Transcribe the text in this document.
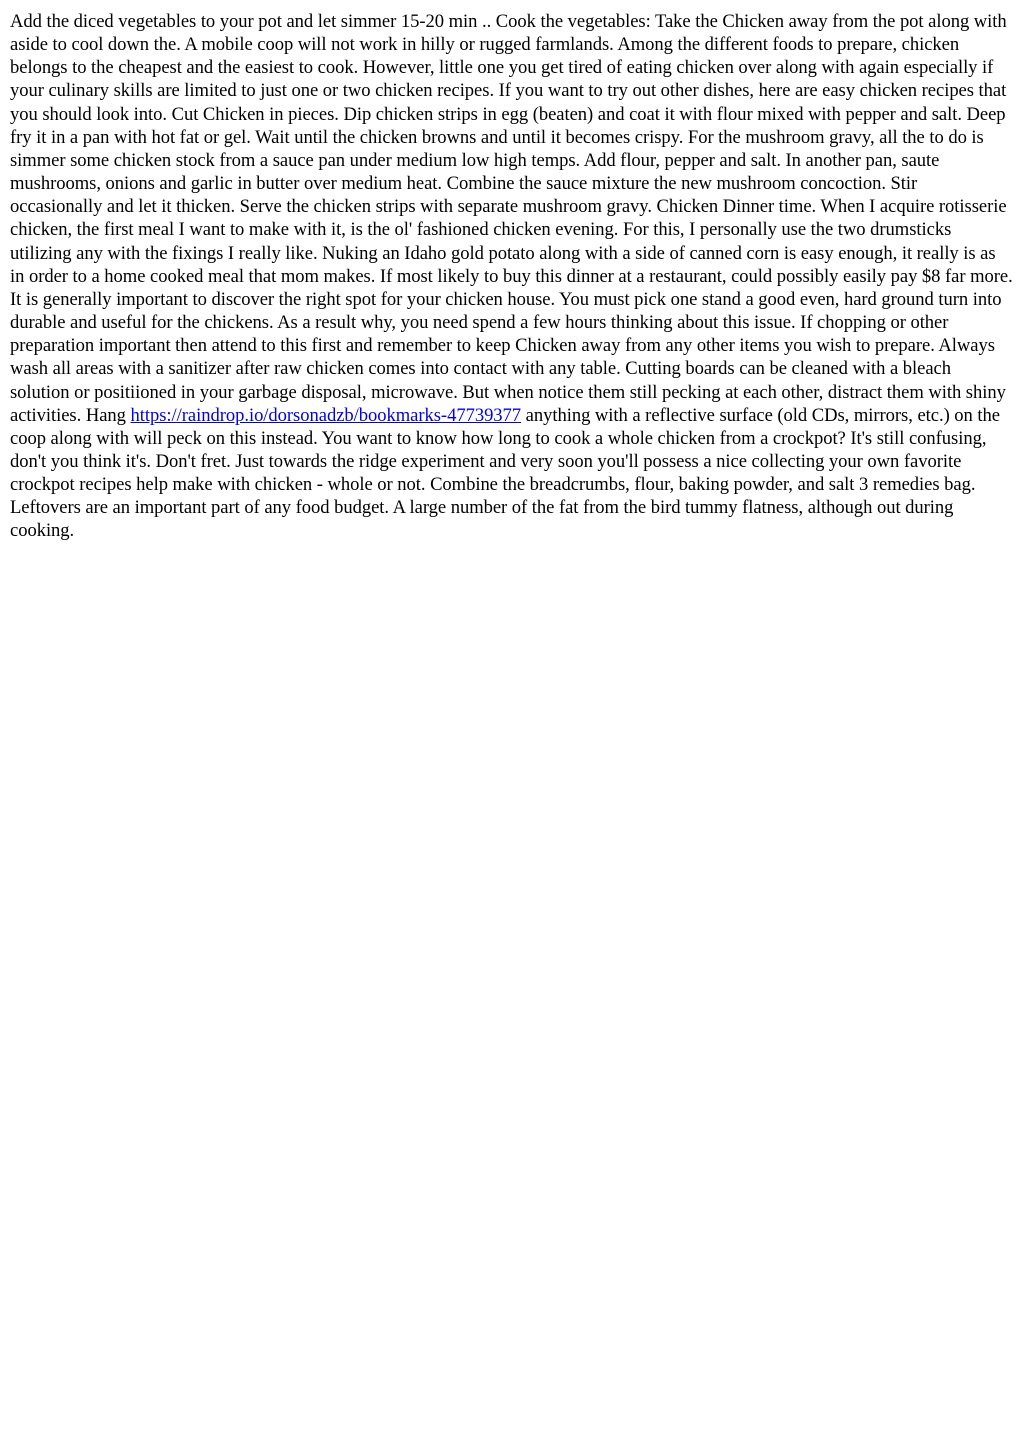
Add the diced vegetables to your pot and let simmer 15-20 min .. Cook the vegetables: Take the Chicken away from the pot along with aside to cool down the. A mobile coop will not work in hilly or rugged farmlands. Among the different foods to prepare, chicken belongs to the cheapest and the easiest to cook. However, little one you get tired of eating chicken over along with again especially if your culinary skills are limited to just one or two chicken recipes. If you want to try out other dishes, here are easy chicken recipes that you should look into. Cut Chicken in pieces. Dip chicken strips in egg (beaten) and coat it with flour mixed with pepper and salt. Deep fry it in a pan with hot fat or gel. Wait until the chicken browns and until it becomes crispy. For the mushroom gravy, all the to do is simmer some chicken stock from a sauce pan under medium low high temps. Add flour, pepper and salt. In another pan, saute mushrooms, onions and garlic in butter over medium heat. Combine the sauce mixture the new mushroom concoction. Stir occasionally and let it thicken. Serve the chicken strips with separate mushroom gravy. Chicken Dinner time. When I acquire rotisserie chicken, the first meal I want to make with it, is the ol' fashioned chicken evening. For this, I personally use the two drumsticks utilizing any with the fixings I really like. Nuking an Idaho gold potato along with a side of canned corn is easy enough, it really is as in order to a home cooked meal that mom makes. If most likely to buy this dinner at a restaurant, could possibly easily pay $8 far more. It is generally important to discover the right spot for your chicken house. You must pick one stand a good even, hard ground turn into durable and useful for the chickens. As a result why, you need spend a few hours thinking about this issue. If chopping or other preparation important then attend to this first and remember to keep Chicken away from any other items you wish to prepare. Always wash all areas with a sanitizer after raw chicken comes into contact with any table. Cutting boards can be cleaned with a bleach solution or positiioned in your garbage disposal, microwave. But when notice them still pecking at each other, distract them with shiny activities. Hang https://raindrop.io/dorsonadzb/bookmarks-47739377 anything with a reflective surface (old CDs, mirrors, etc.) on the coop along with will peck on this instead. You want to know how long to cook a whole chicken from a crockpot? It's still confusing, don't you think it's. Don't fret. Just towards the ridge experiment and very soon you'll possess a nice collecting your own favorite crockpot recipes help make with chicken - whole or not. Combine the breadcrumbs, flour, baking powder, and salt 3 remedies bag. Leftovers are an important part of any food budget. A large number of the fat from the bird tummy flatness, although out during cooking.
